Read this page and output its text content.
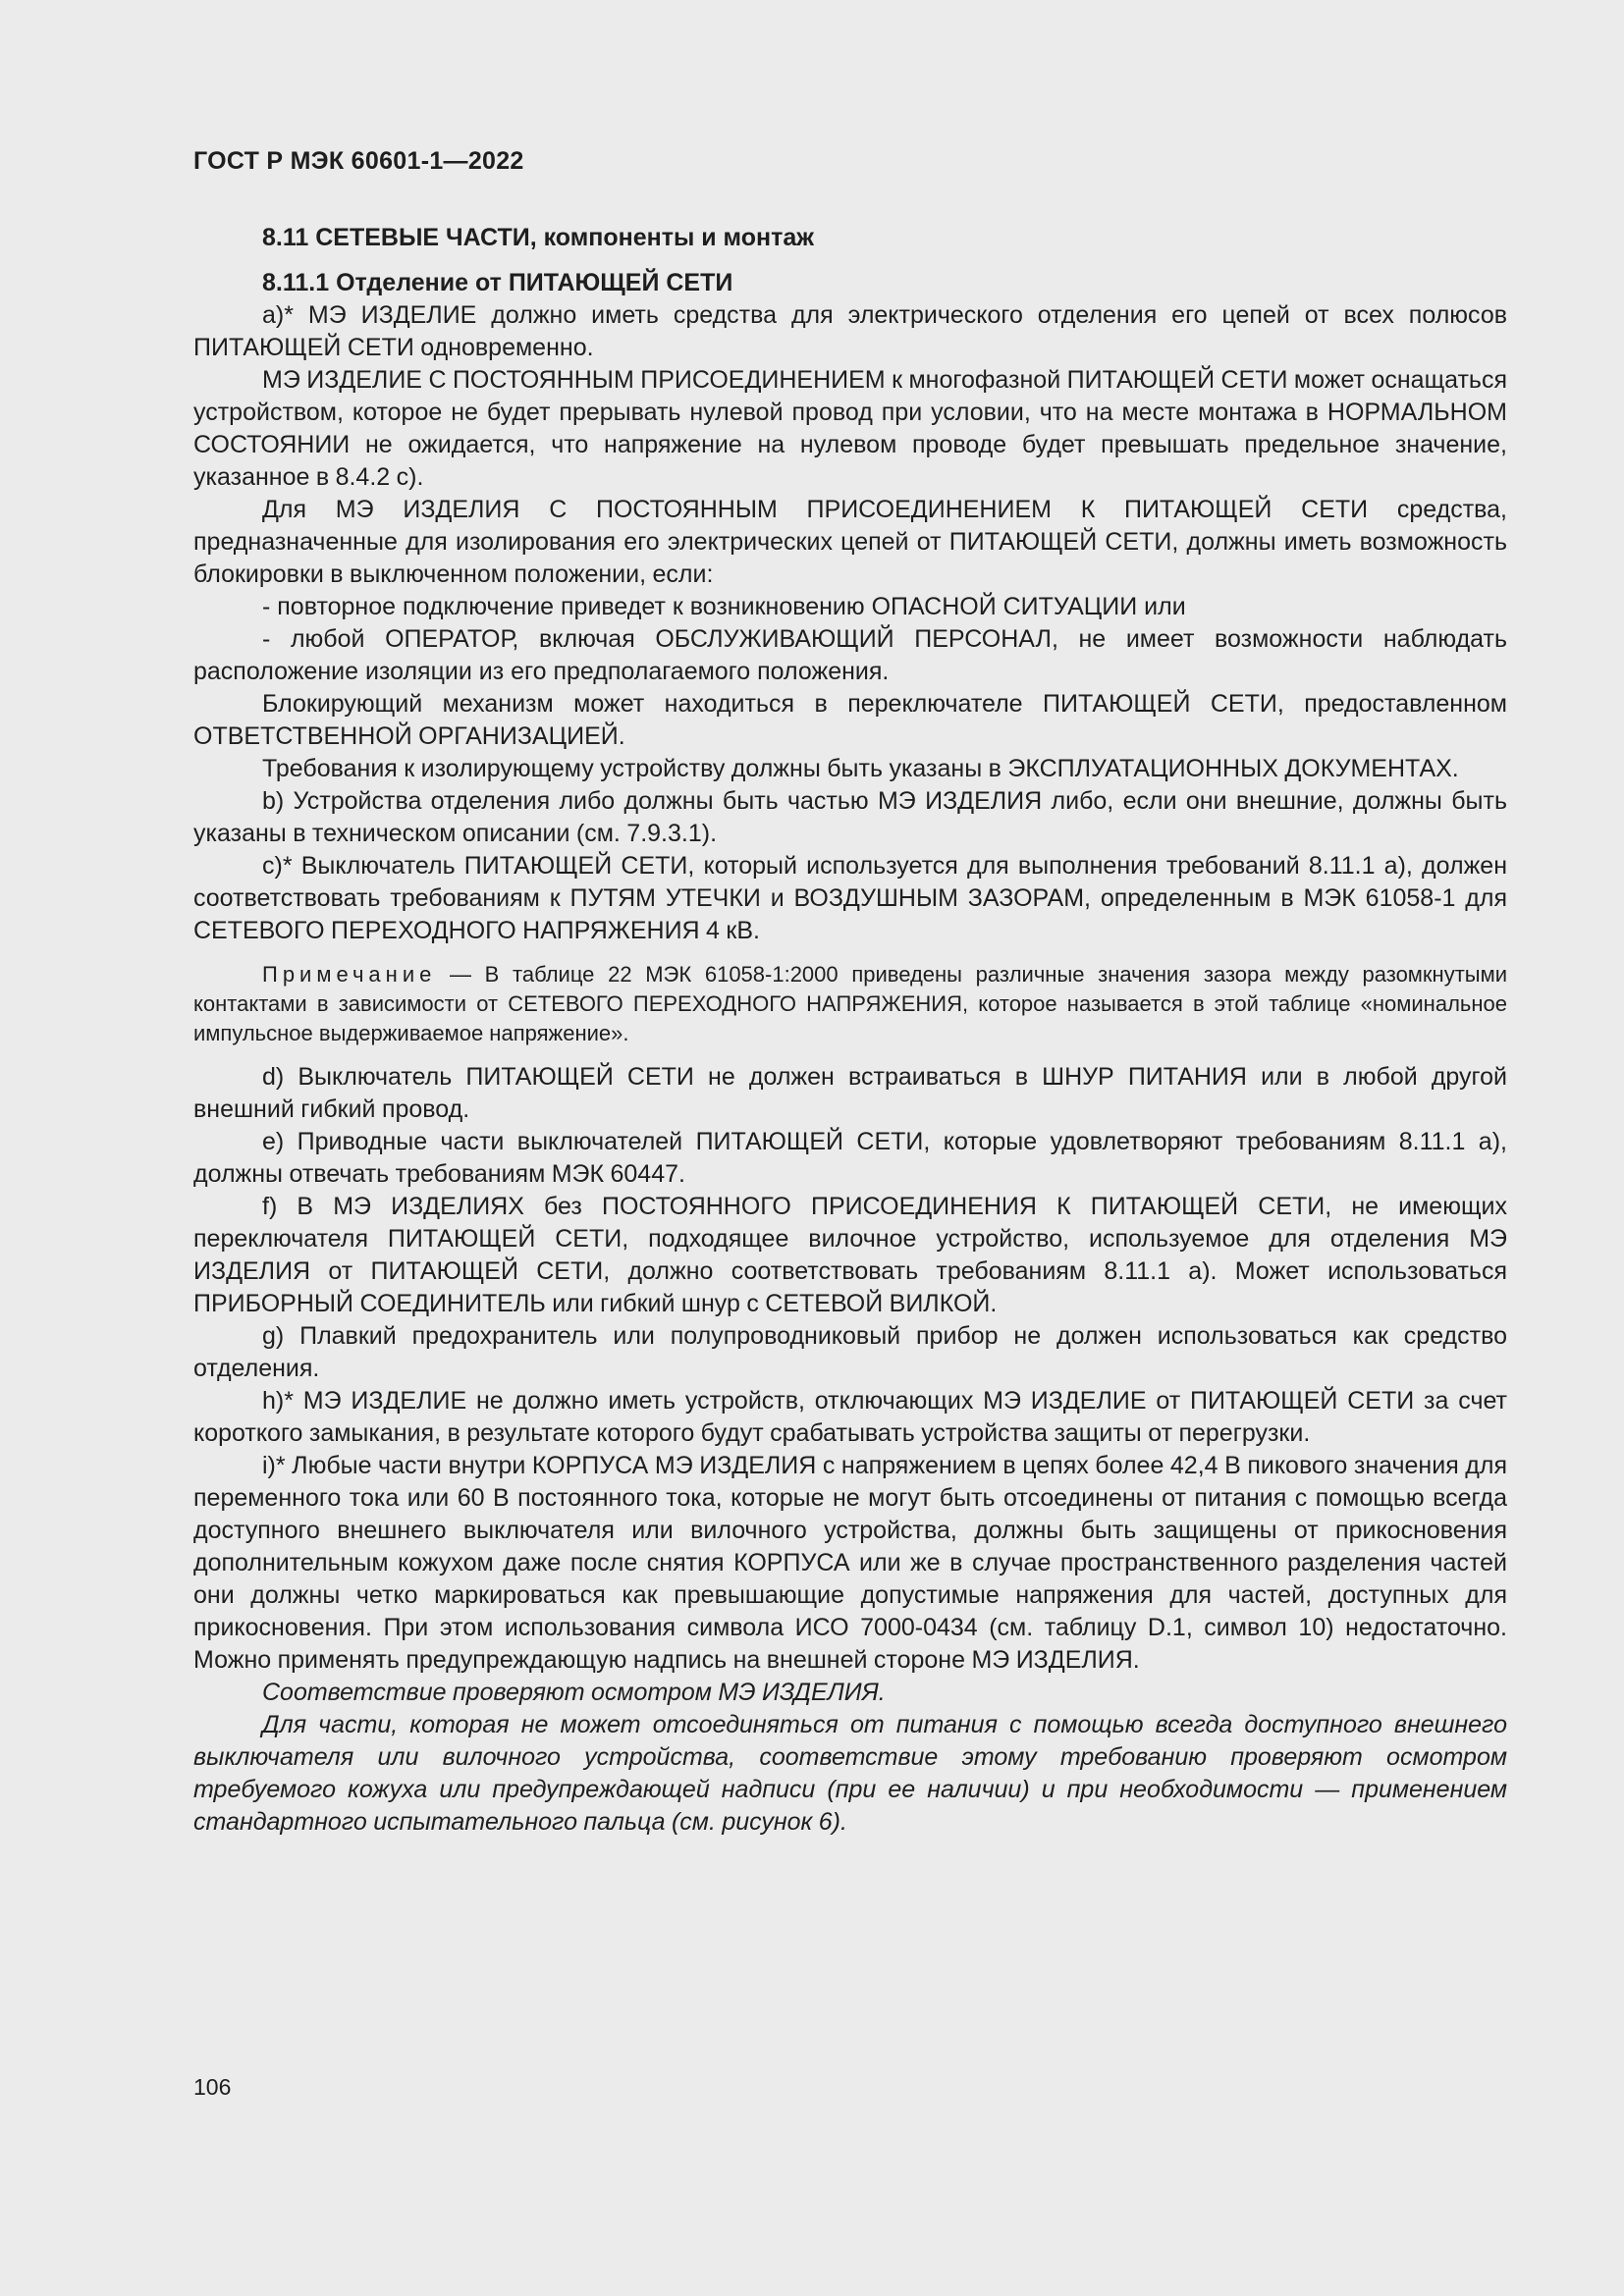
ГОСТ Р МЭК 60601-1—2022

8.11 СЕТЕВЫЕ ЧАСТИ, компоненты и монтаж

8.11.1 Отделение от ПИТАЮЩЕЙ СЕТИ

a)* МЭ ИЗДЕЛИЕ должно иметь средства для электрического отделения его цепей от всех полюсов ПИТАЮЩЕЙ СЕТИ одновременно.

МЭ ИЗДЕЛИЕ С ПОСТОЯННЫМ ПРИСОЕДИНЕНИЕМ к многофазной ПИТАЮЩЕЙ СЕТИ может оснащаться устройством, которое не будет прерывать нулевой провод при условии, что на месте монтажа в НОРМАЛЬНОМ СОСТОЯНИИ не ожидается, что напряжение на нулевом проводе будет превышать предельное значение, указанное в 8.4.2 с).

Для МЭ ИЗДЕЛИЯ С ПОСТОЯННЫМ ПРИСОЕДИНЕНИЕМ К ПИТАЮЩЕЙ СЕТИ средства, предназначенные для изолирования его электрических цепей от ПИТАЮЩЕЙ СЕТИ, должны иметь возможность блокировки в выключенном положении, если:

- повторное подключение приведет к возникновению ОПАСНОЙ СИТУАЦИИ или

- любой ОПЕРАТОР, включая ОБСЛУЖИВАЮЩИЙ ПЕРСОНАЛ, не имеет возможности наблюдать расположение изоляции из его предполагаемого положения.

Блокирующий механизм может находиться в переключателе ПИТАЮЩЕЙ СЕТИ, предоставленном ОТВЕТСТВЕННОЙ ОРГАНИЗАЦИЕЙ.

Требования к изолирующему устройству должны быть указаны в ЭКСПЛУАТАЦИОННЫХ ДОКУМЕНТАХ.

b) Устройства отделения либо должны быть частью МЭ ИЗДЕЛИЯ либо, если они внешние, должны быть указаны в техническом описании (см. 7.9.3.1).

c)* Выключатель ПИТАЮЩЕЙ СЕТИ, который используется для выполнения требований 8.11.1 а), должен соответствовать требованиям к ПУТЯМ УТЕЧКИ и ВОЗДУШНЫМ ЗАЗОРАМ, определенным в МЭК 61058-1 для СЕТЕВОГО ПЕРЕХОДНОГО НАПРЯЖЕНИЯ 4 кВ.

Примечание — В таблице 22 МЭК 61058-1:2000 приведены различные значения зазора между разомкнутыми контактами в зависимости от СЕТЕВОГО ПЕРЕХОДНОГО НАПРЯЖЕНИЯ, которое называется в этой таблице «номинальное импульсное выдерживаемое напряжение».

d) Выключатель ПИТАЮЩЕЙ СЕТИ не должен встраиваться в ШНУР ПИТАНИЯ или в любой другой внешний гибкий провод.

e) Приводные части выключателей ПИТАЮЩЕЙ СЕТИ, которые удовлетворяют требованиям 8.11.1 а), должны отвечать требованиям МЭК 60447.

f) В МЭ ИЗДЕЛИЯХ без ПОСТОЯННОГО ПРИСОЕДИНЕНИЯ К ПИТАЮЩЕЙ СЕТИ, не имеющих переключателя ПИТАЮЩЕЙ СЕТИ, подходящее вилочное устройство, используемое для отделения МЭ ИЗДЕЛИЯ от ПИТАЮЩЕЙ СЕТИ, должно соответствовать требованиям 8.11.1 а). Может использоваться ПРИБОРНЫЙ СОЕДИНИТЕЛЬ или гибкий шнур с СЕТЕВОЙ ВИЛКОЙ.

g) Плавкий предохранитель или полупроводниковый прибор не должен использоваться как средство отделения.

h)* МЭ ИЗДЕЛИЕ не должно иметь устройств, отключающих МЭ ИЗДЕЛИЕ от ПИТАЮЩЕЙ СЕТИ за счет короткого замыкания, в результате которого будут срабатывать устройства защиты от перегрузки.

i)* Любые части внутри КОРПУСА МЭ ИЗДЕЛИЯ с напряжением в цепях более 42,4 В пикового значения для переменного тока или 60 В постоянного тока, которые не могут быть отсоединены от питания с помощью всегда доступного внешнего выключателя или вилочного устройства, должны быть защищены от прикосновения дополнительным кожухом даже после снятия КОРПУСА или же в случае пространственного разделения частей они должны четко маркироваться как превышающие допустимые напряжения для частей, доступных для прикосновения. При этом использования символа ИСО 7000-0434 (см. таблицу D.1, символ 10) недостаточно. Можно применять предупреждающую надпись на внешней стороне МЭ ИЗДЕЛИЯ.

Соответствие проверяют осмотром МЭ ИЗДЕЛИЯ.

Для части, которая не может отсоединяться от питания с помощью всегда доступного внешнего выключателя или вилочного устройства, соответствие этому требованию проверяют осмотром требуемого кожуха или предупреждающей надписи (при ее наличии) и при необходимости — применением стандартного испытательного пальца (см. рисунок 6).

106
